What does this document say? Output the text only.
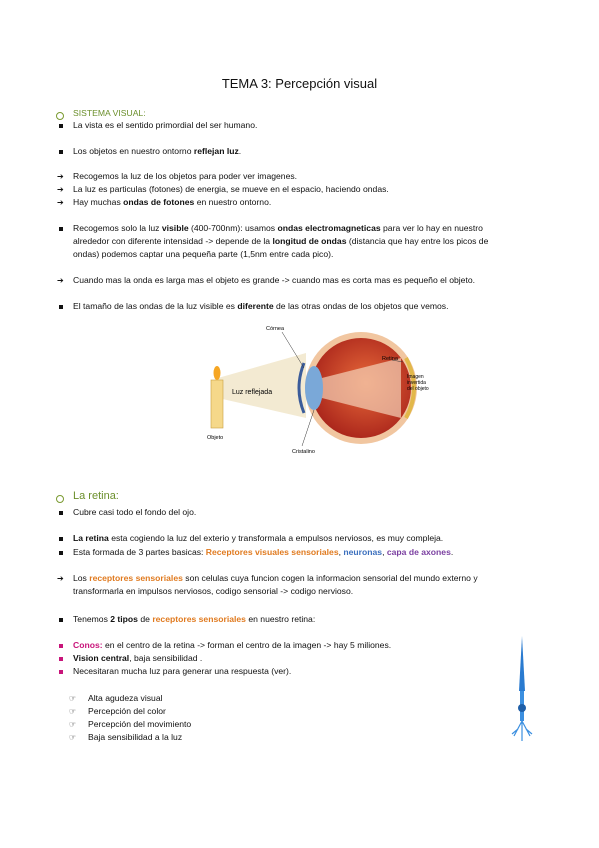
TEMA 3: Percepción visual
SISTEMA VISUAL:
La vista es el sentido primordial del ser humano.
Los objetos en nuestro ontorno reflejan luz.
➔ Recogemos la luz de los objetos para poder ver imagenes.
➔ La luz es particulas (fotones) de energia, se mueve en el espacio, haciendo ondas.
➔ Hay muchas ondas de fotones en nuestro ontorno.
Recogemos solo la luz visible (400-700nm): usamos ondas electromagneticas para ver lo hay en nuestro
alrededor con diferente intensidad -> depende de la longitud de ondas (distancia que hay entre los picos de
ondas) podemos captar una pequeña parte (1,5nm entre cada pico).
➔ Cuando mas la onda es larga mas el objeto es grande -> cuando mas es corta mas es pequeño el objeto.
El tamaño de las ondas de la luz visible es diferente de las otras ondas de los objetos que vemos.
Córnea
Retina
Imagen
invertida
del objeto
Luz reflejada
Objeto
Cristalino
La retina:
Cubre casi todo el fondo del ojo.
La retina esta cogiendo la luz del exterio y transformala a empulsos nerviosos, es muy compleja.
Esta formada de 3 partes basicas: Receptores visuales sensoriales, neuronas, capa de axones.
➔ Los receptores sensoriales son celulas cuya funcion cogen la informacion sensorial del mundo externo y
transformarla en impulsos nerviosos, codigo sensorial -> codigo nervioso.
Tenemos 2 tipos de receptores sensoriales en nuestro retina:
Conos: en el centro de la retina -> forman el centro de la imagen -> hay 5 miliones.
Vision central, baja sensibilidad .
Necesitaran mucha luz para generar una respuesta (ver).
☞ Alta agudeza visual
☞ Percepción del color
☞ Percepción del movimiento
☞ Baja sensibilidad a la luz
